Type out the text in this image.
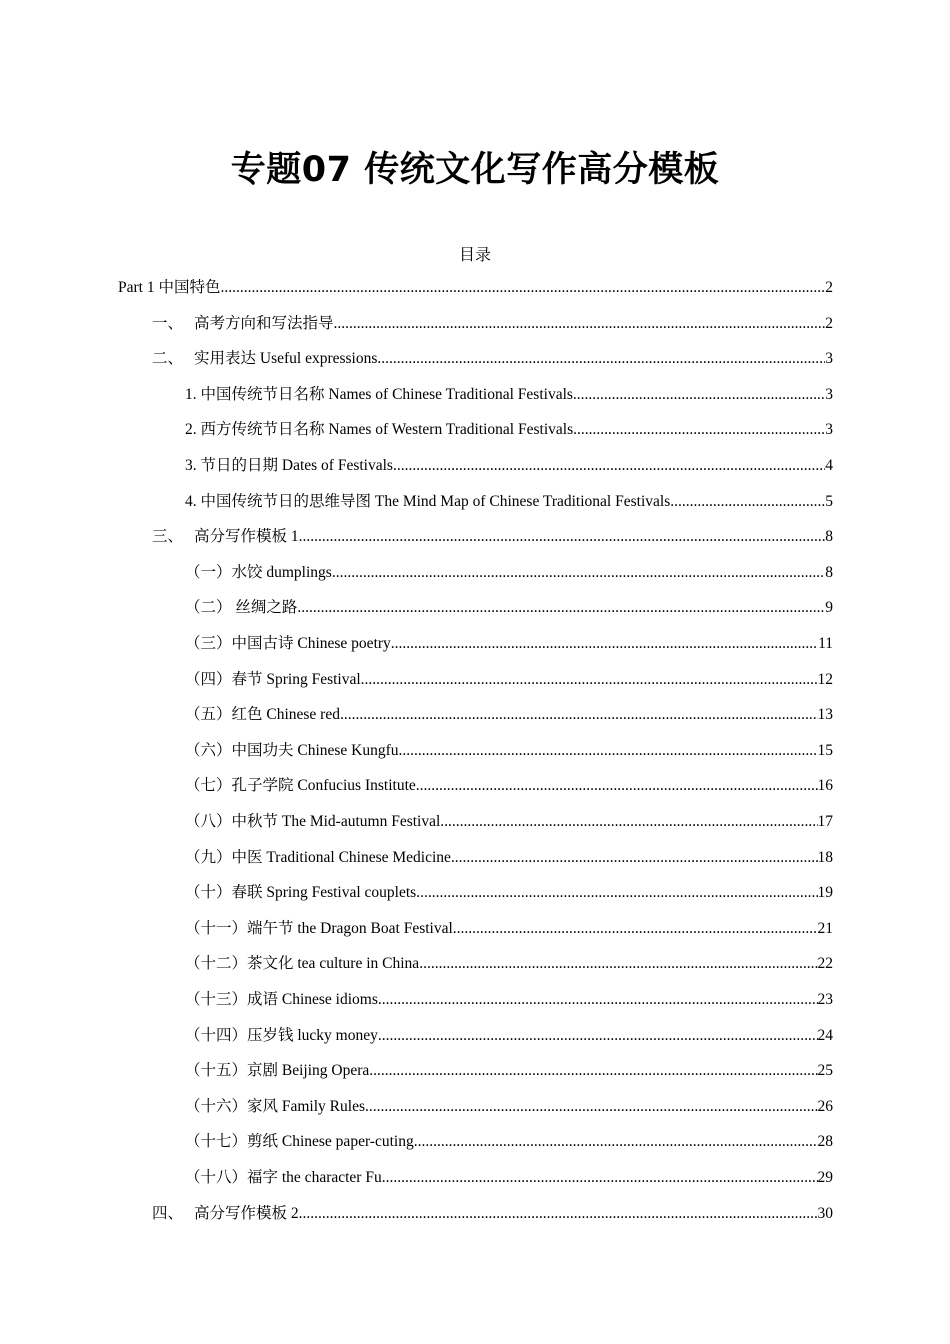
专题07 传统文化写作高分模板
目录
Part 1 中国特色 .....	2
一、 高考方向和写法指导 .....	2
二、 实用表达 Useful expressions .....	3
1. 中国传统节日名称 Names of Chinese Traditional Festivals .....	3
2. 西方传统节日名称 Names of Western Traditional Festivals .....	3
3. 节日的日期 Dates of Festivals .....	4
4. 中国传统节日的思维导图 The Mind Map of Chinese Traditional Festivals .....	5
三、 高分写作模板 1 .....	8
（一）水饺 dumplings .....	8
（二） 丝绸之路 .....	9
（三）中国古诗 Chinese poetry .....	11
（四）春节 Spring Festival .....	12
（五）红色 Chinese red .....	13
（六）中国功夫 Chinese Kungfu .....	15
（七）孔子学院 Confucius Institute .....	16
（八）中秋节 The Mid-autumn Festival .....	17
（九）中医 Traditional Chinese Medicine .....	18
（十）春联 Spring Festival couplets .....	19
（十一）端午节 the Dragon Boat Festival .....	21
（十二）茶文化 tea culture in China .....	22
（十三）成语 Chinese idioms .....	23
（十四）压岁钱 lucky money .....	24
（十五）京剧 Beijing Opera .....	25
（十六）家风 Family Rules .....	26
（十七）剪纸 Chinese paper-cuting .....	28
（十八）福字 the character Fu .....	29
四、 高分写作模板 2 .....	30
